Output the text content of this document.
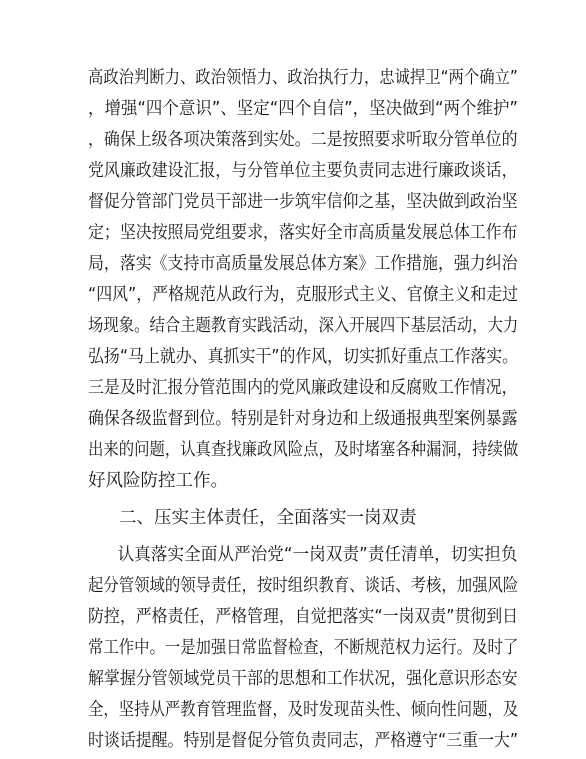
高政治判断力、政治领悟力、政治执行力，忠诚捍卫“两个确立”
，增强“四个意识”、坚定“四个自信”，坚决做到“两个维护”
，确保上级各项决策落到实处。二是按照要求听取分管单位的
党风廉政建设汇报，与分管单位主要负责同志进行廉政谈话，
督促分管部门党员干部进一步筑牢信仰之基，坚决做到政治坚
定；坚决按照局党组要求，落实好全市高质量发展总体工作布
局，落实《支持市高质量发展总体方案》工作措施，强力纠治
“四风”，严格规范从政行为，克服形式主义、官僚主义和走过
场现象。结合主题教育实践活动，深入开展四下基层活动，大力
弘扬“马上就办、真抓实干”的作风，切实抓好重点工作落实。
三是及时汇报分管范围内的党风廉政建设和反腐败工作情况，
确保各级监督到位。特别是针对身边和上级通报典型案例暴露
出来的问题，认真查找廉政风险点，及时堵塞各种漏洞，持续做
好风险防控工作。
二、压实主体责任，全面落实一岗双责
认真落实全面从严治党“一岗双责”责任清单，切实担负
起分管领域的领导责任，按时组织教育、谈话、考核，加强风险
防控，严格责任，严格管理，自觉把落实“一岗双责”贯彻到日
常工作中。一是加强日常监督检查，不断规范权力运行。及时了
解掌握分管领域党员干部的思想和工作状况，强化意识形态安
全，坚持从严教育管理监督，及时发现苗头性、倾向性问题，及
时谈话提醒。特别是督促分管负责同志，严格遵守“三重一大”
